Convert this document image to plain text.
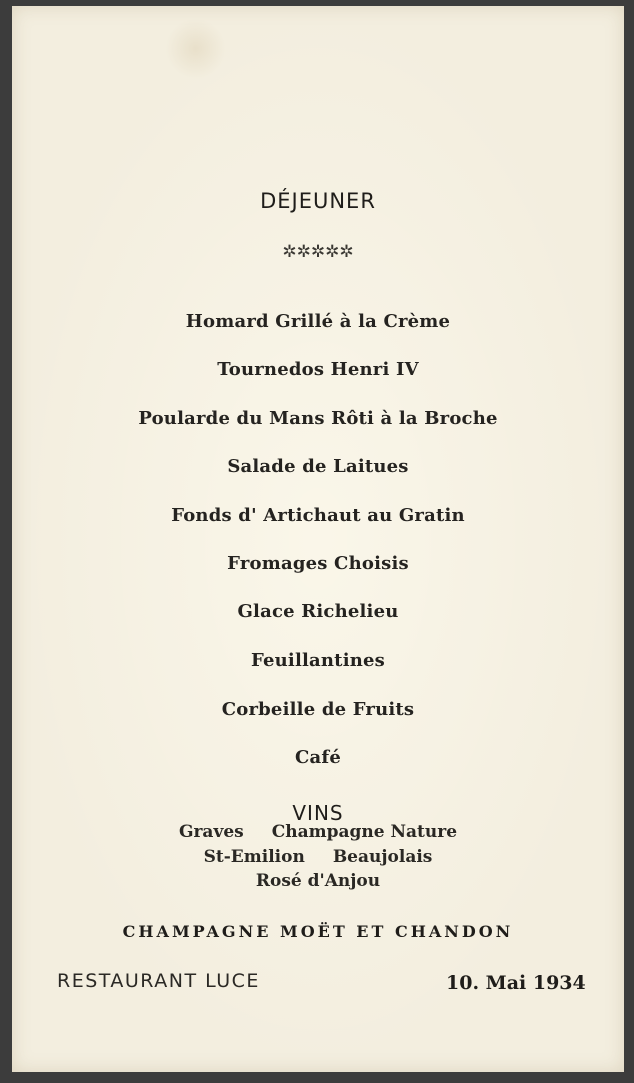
DÉJEUNER
✲✲✲✲✲
Homard Grillé à la Crème
Tournedos Henri IV
Poularde du Mans Rôti à la Broche
Salade de Laitues
Fonds d' Artichaut au Gratin
Fromages Choisis
Glace Richelieu
Feuillantines
Corbeille de Fruits
Café
VINS
Graves Champagne Nature
St-Emilion Beaujolais
Rosé d'Anjou
CHAMPAGNE MOËT ET CHANDON
RESTAURANT LUCE	10. Mai 1934
